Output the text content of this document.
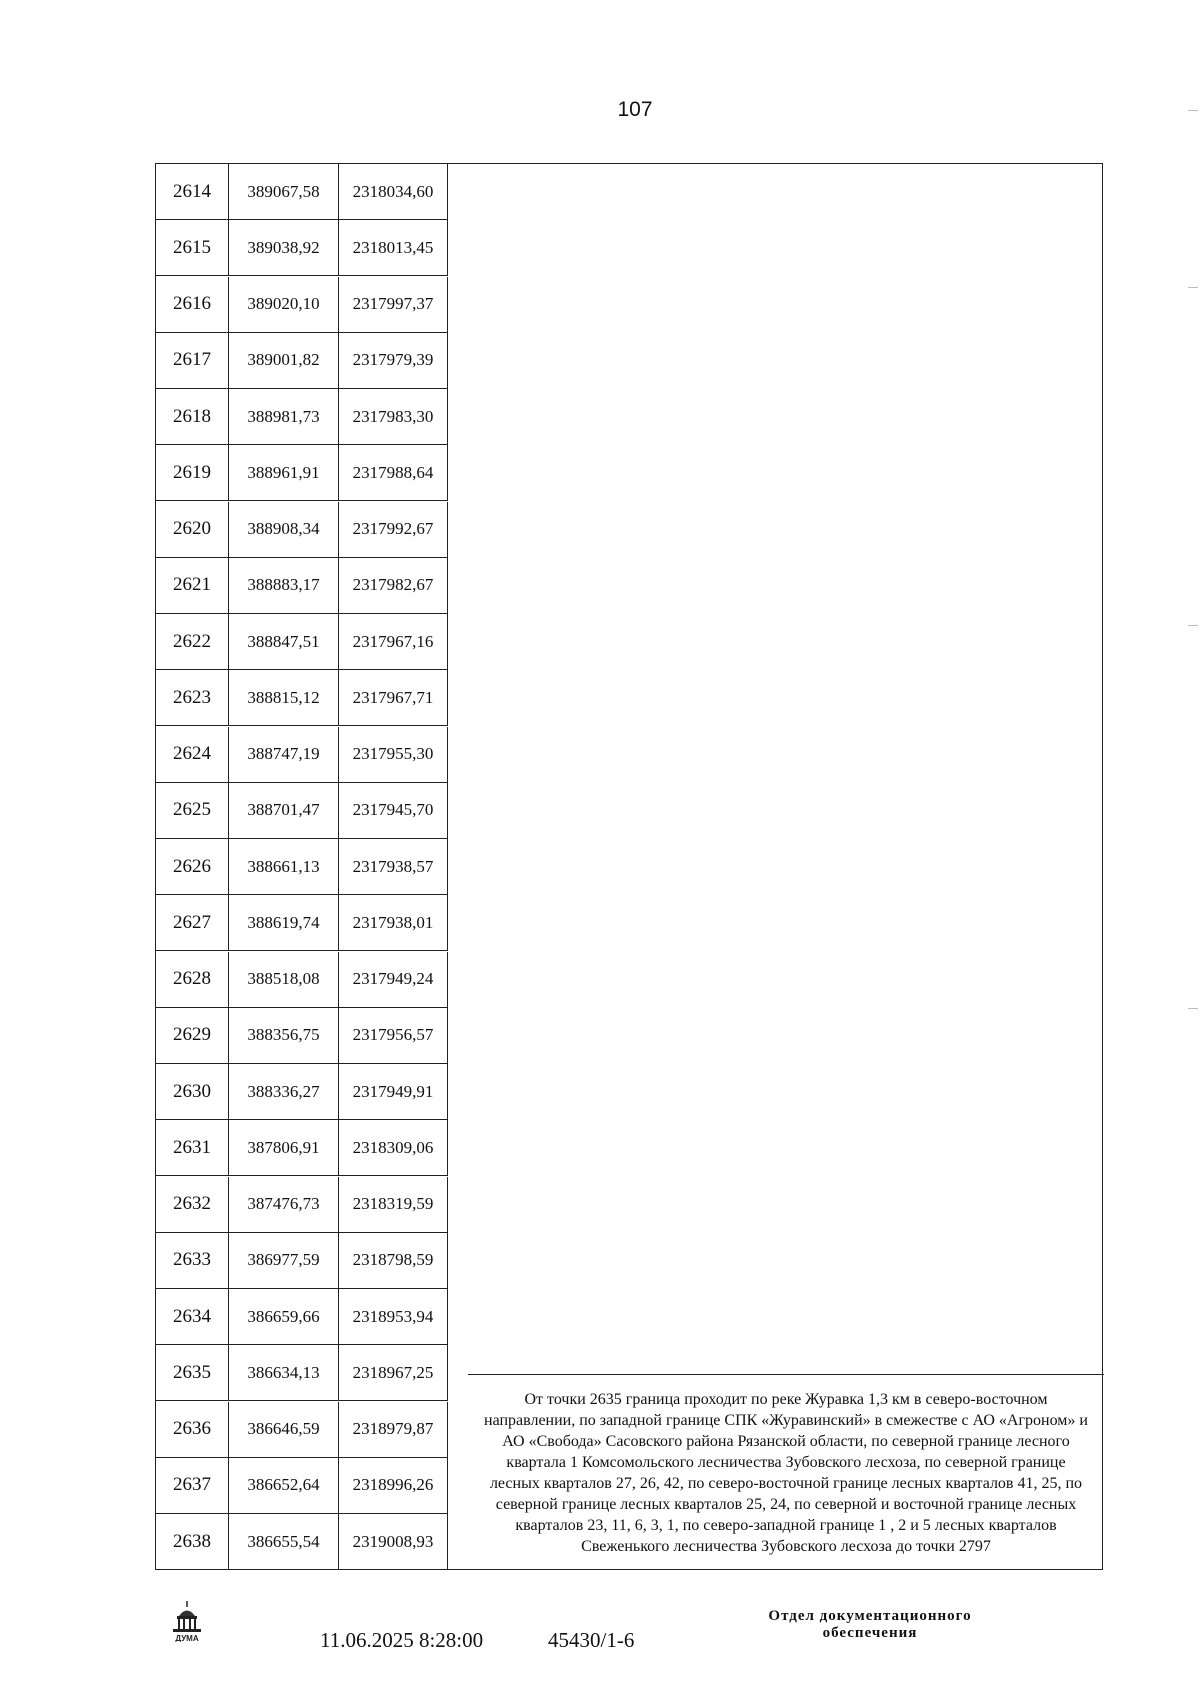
107
2614	389067,58	2318034,60
2615	389038,92	2318013,45
2616	389020,10	2317997,37
2617	389001,82	2317979,39
2618	388981,73	2317983,30
2619	388961,91	2317988,64
2620	388908,34	2317992,67
2621	388883,17	2317982,67
2622	388847,51	2317967,16
2623	388815,12	2317967,71
2624	388747,19	2317955,30
2625	388701,47	2317945,70
2626	388661,13	2317938,57
2627	388619,74	2317938,01
2628	388518,08	2317949,24
2629	388356,75	2317956,57
2630	388336,27	2317949,91
2631	387806,91	2318309,06
2632	387476,73	2318319,59
2633	386977,59	2318798,59
2634	386659,66	2318953,94
2635	386634,13	2318967,25
2636	386646,59	2318979,87
2637	386652,64	2318996,26
2638	386655,54	2319008,93
От точки 2635 граница проходит по реке Журавка 1,3 км в северо-восточном направлении, по западной границе СПК «Журавинский» в смежестве с АО «Агроном» и АО «Свобода» Сасовского района Рязанской области, по северной границе лесного квартала 1 Комсомольского лесничества Зубовского лесхоза, по северной границе лесных кварталов 27, 26, 42, по северо-восточной границе лесных кварталов 41, 25, по северной границе лесных кварталов 25, 24, по северной и восточной границе лесных кварталов 23, 11, 6, 3, 1, по северо-западной границе 1 , 2 и 5 лесных кварталов Свеженького лесничества Зубовского лесхоза до точки 2797
ДУМА	11.06.2025 8:28:00	45430/1-6
Отдел документационного
обеспечения
